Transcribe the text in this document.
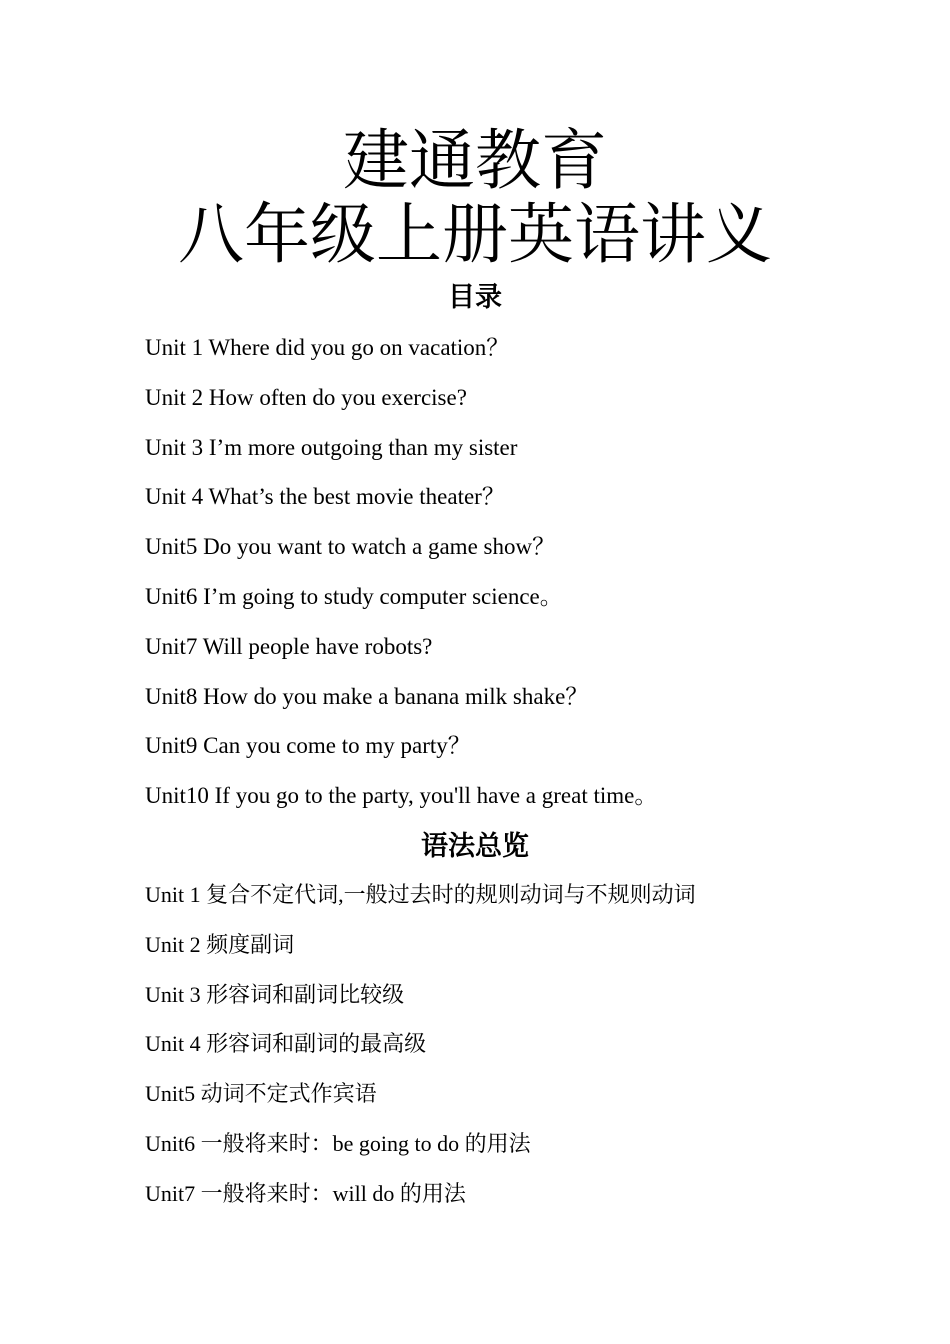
建通教育
八年级上册英语讲义
目录
Unit 1 Where did you go on vacation？
Unit 2 How often do you exercise?
Unit 3 I’m more outgoing than my sister
Unit 4 What’s the best movie theater？
Unit5 Do you want to watch a game show？
Unit6 I’m going to study computer science。
Unit7 Will people have robots?
Unit8 How do you make a banana milk shake？
Unit9 Can you come to my party？
Unit10 If you go to the party, you'll have a great time。
语法总览
Unit 1 复合不定代词,一般过去时的规则动词与不规则动词
Unit 2 频度副词
Unit 3 形容词和副词比较级
Unit 4 形容词和副词的最高级
Unit5 动词不定式作宾语
Unit6 一般将来时：be going to do 的用法
Unit7 一般将来时：will do 的用法
